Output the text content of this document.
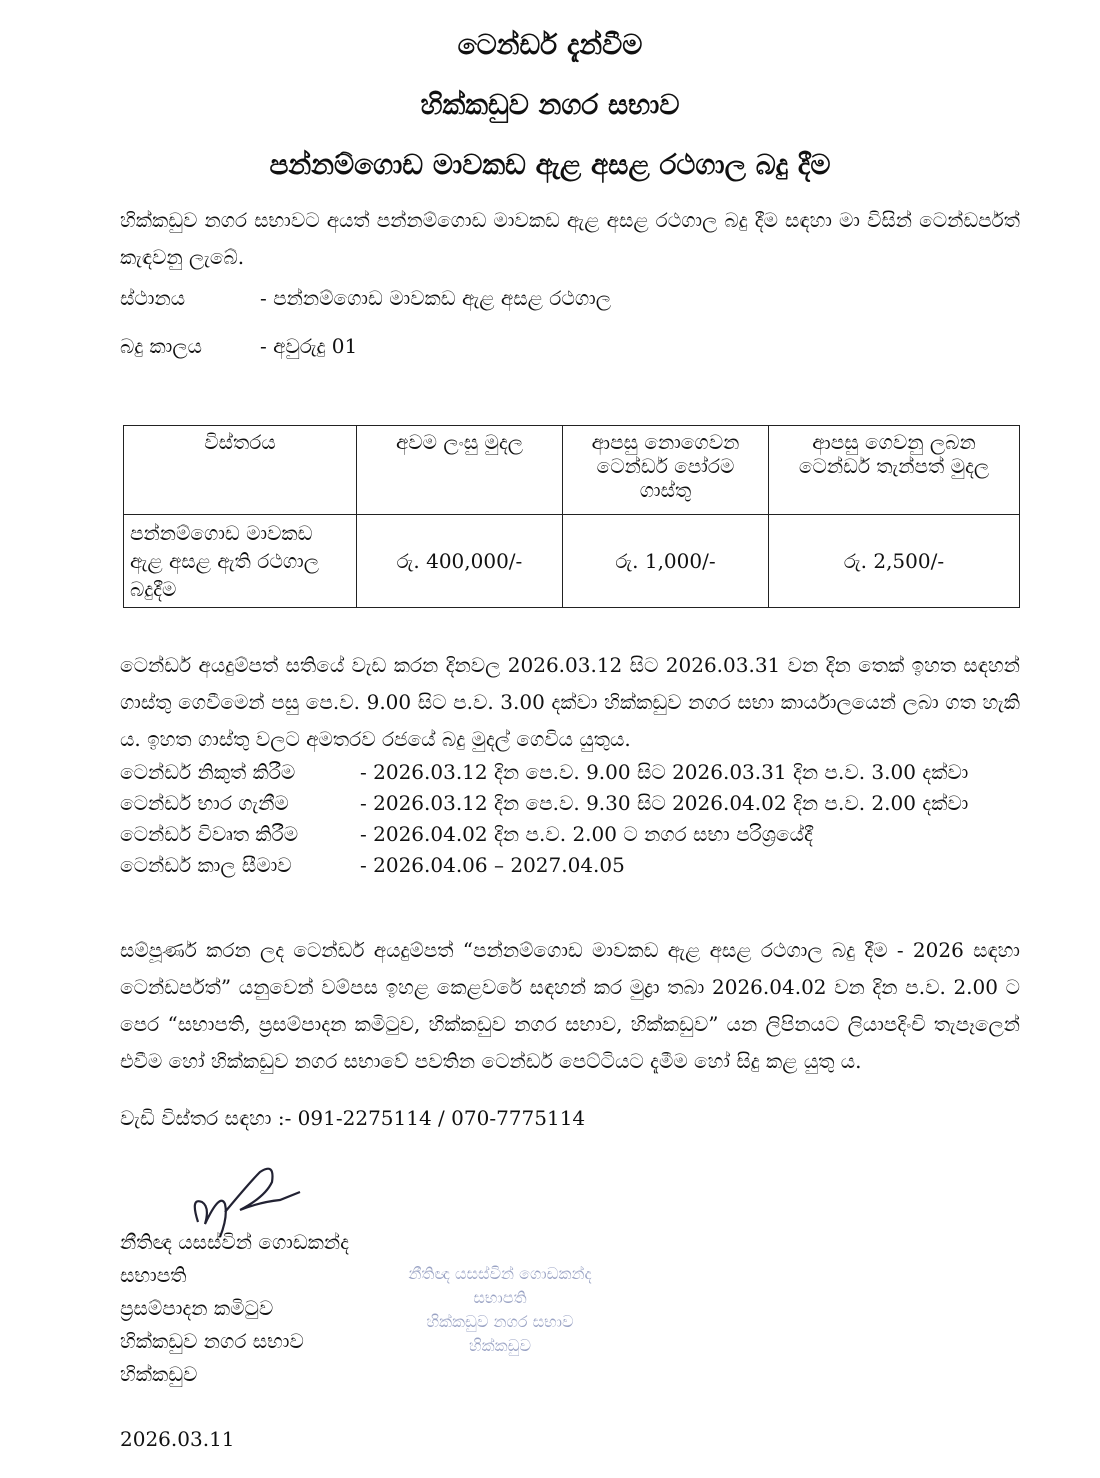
ටෙන්ඩර් දැන්වීම
හික්කඩුව නගර සභාව
පන්නම්ගොඩ මාවකඩ ඇළ අසළ රථගාල බදු දීම
හික්කඩුව නගර සභාවට අයත් පන්නම්ගොඩ මාවකඩ ඇළ අසළ රථගාල බදු දීම සඳහා මා විසින් ටෙන්ඩර්පත් කැඳවනු ලැබේ.
ස්ථානය	- පන්නම්ගොඩ මාවකඩ ඇළ අසළ රථගාල
බදු කාලය	- අවුරුදු 01
විස්තරය	අවම ලංසු මුදල	ආපසු නොගෙවන ටෙන්ඩර් පෝරම ගාස්තු	ආපසු ගෙවනු ලබන ටෙන්ඩර් තැන්පත් මුදල
පන්නම්ගොඩ මාවකඩ ඇළ අසළ ඇති රථගාල බදුදීම	රු. 400,000/-	රු. 1,000/-	රු. 2,500/-
ටෙන්ඩර් අයදුම්පත් සතියේ වැඩ කරන දිනවල 2026.03.12 සිට 2026.03.31 වන දින තෙක් ඉහත සඳහන් ගාස්තු ගෙවීමෙන් පසු පෙ.ව. 9.00 සිට ප.ව. 3.00 දක්වා හික්කඩුව නගර සභා කාර්යාලයෙන් ලබා ගත හැකි ය. ඉහත ගාස්තු වලට අමතරව රජයේ බදු මුදල් ගෙවිය යුතුය.
ටෙන්ඩර් නිකුත් කිරීම	- 2026.03.12 දින පෙ.ව. 9.00 සිට 2026.03.31 දින ප.ව. 3.00 දක්වා
ටෙන්ඩර් භාර ගැනීම	- 2026.03.12 දින පෙ.ව. 9.30 සිට 2026.04.02 දින ප.ව. 2.00 දක්වා
ටෙන්ඩර් විවෘත කිරීම	- 2026.04.02 දින ප.ව. 2.00 ට නගර සභා පරිශ්‍රයේදී
ටෙන්ඩර් කාල සීමාව	- 2026.04.06 – 2027.04.05
සම්පූර්ණ කරන ලද ටෙන්ඩර් අයදුම්පත් “පන්නම්ගොඩ මාවකඩ ඇළ අසළ රථගාල බදු දීම - 2026 සඳහා ටෙන්ඩර්පත්” යනුවෙන් වම්පස ඉහළ කෙළවරේ සඳහන් කර මුද්‍රා තබා 2026.04.02 වන දින ප.ව. 2.00 ට පෙර “සභාපති, ප්‍රසම්පාදන කමිටුව, හික්කඩුව නගර සභාව, හික්කඩුව” යන ලිපිනයට ලියාපදිංචි තැපෑලෙන් එවීම හෝ හික්කඩුව නගර සභාවේ පවතින ටෙන්ඩර් පෙට්ටියට දැමීම හෝ සිදු කළ යුතු ය.
වැඩි විස්තර සඳහා :- 091-2275114 / 070-7775114
නීතිඥ යසස්වින් ගොඩකන්ද
සභාපති
ප්‍රසම්පාදන කමිටුව
හික්කඩුව නගර සභාව
හික්කඩුව
නීතිඥ යසස්වින් ගොඩකන්ද
සභාපති
හික්කඩුව නගර සභාව
හික්කඩුව
2026.03.11
